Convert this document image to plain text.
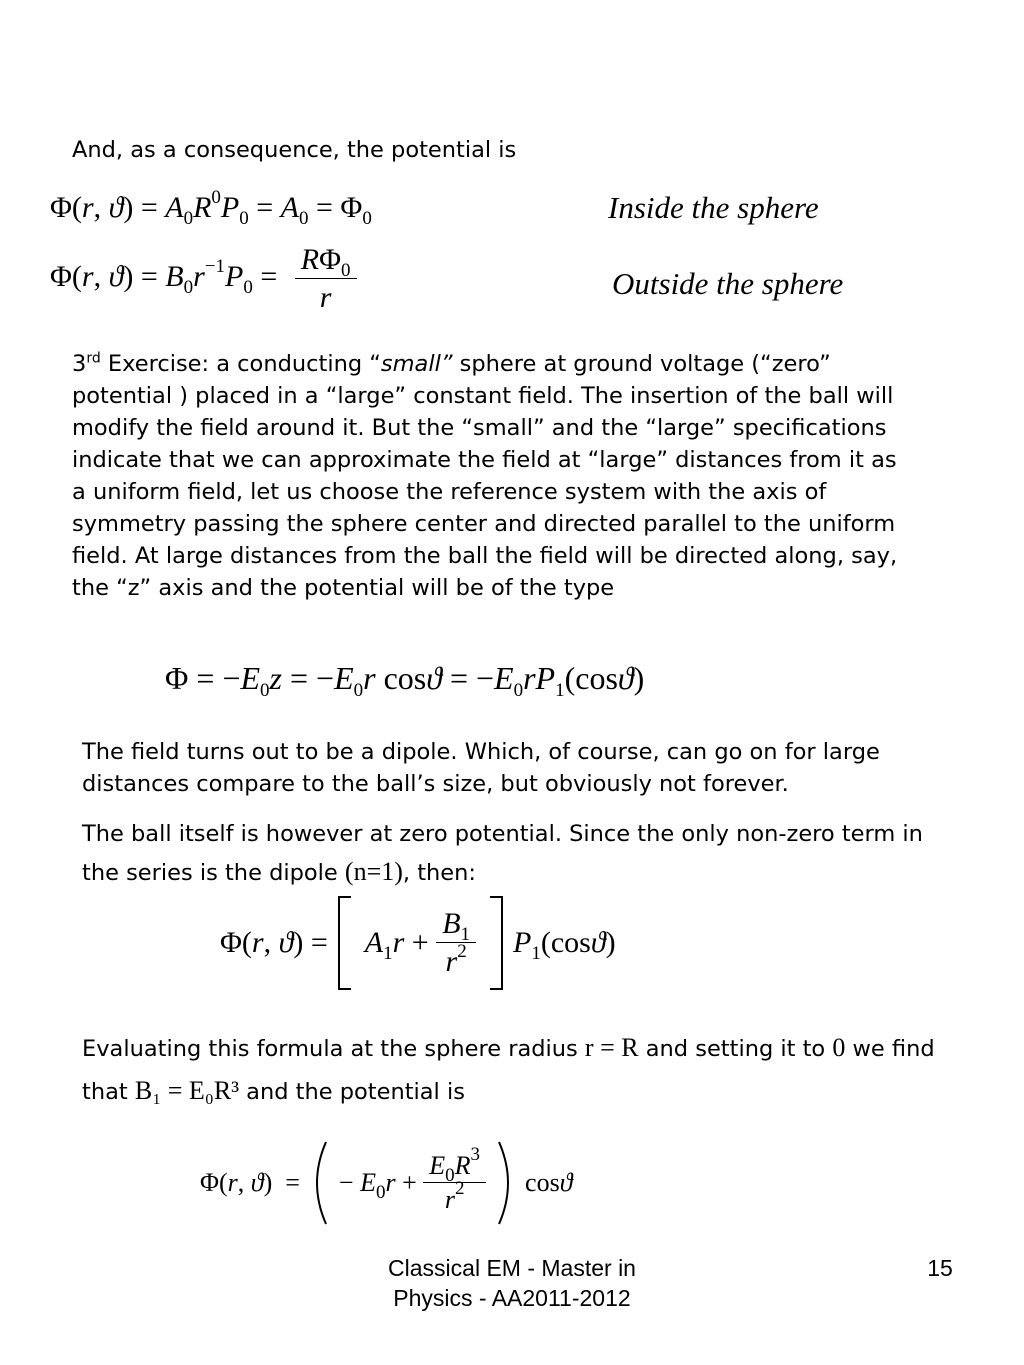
And, as a consequence, the potential is

Φ(r, $ϑ) = A_0R^0P_0 = A_0 = \Phi_0$	Inside the sphere
Φ(r, $ϑ) = B_0r^{-1}P_0 = \frac{R\Phi_0}{r}$	Outside the sphere

3rd Exercise: a conducting “small” sphere at ground voltage (“zero” potential ) placed in a “large” constant field. The insertion of the ball will modify the field around it. But the “small” and the “large” specifications indicate that we can approximate the field at “large” distances from it as a uniform field, let us choose the reference system with the axis of symmetry passing the sphere center and directed parallel to the uniform field. At large distances from the ball the field will be directed along, say, the “z” axis and the potential will be of the type

$\Phi = -E_0z = -E_0r$ $\cos ϑ = -E_0rP_1(\cos ϑ)$

The field turns out to be a dipole. Which, of course, can go on for large distances compare to the ball’s size, but obviously not forever.

The ball itself is however at zero potential. Since the only non-zero term in the series is the dipole (n=1), then:

Φ(r, $ϑ) = A_1r + \frac{B_1}{r^2} P_1(\cos ϑ)$

Evaluating this formula at the sphere radius r = R and setting it to 0 we find that B₁ = E₀R³ and the potential is

Φ(r, ϑ)  =  − $E_0r + \frac{E_0R^3}{r^2}$ cosϑ
Classical EM - Master in
Physics - AA2011-2012
15
